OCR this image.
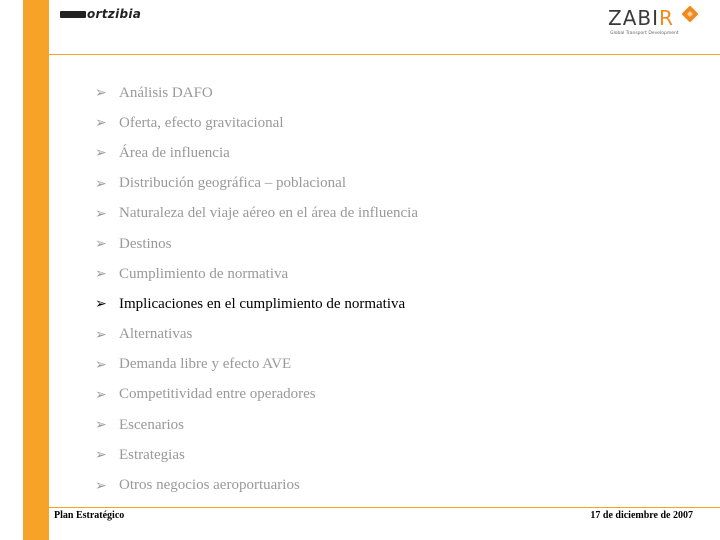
ortzibia	ZABIR
Global Transport Development
➢ Análisis DAFO
➢ Oferta, efecto gravitacional
➢ Área de influencia
➢ Distribución geográfica – poblacional
➢ Naturaleza del viaje aéreo en el área de influencia
➢ Destinos
➢ Cumplimiento de normativa
➢ Implicaciones en el cumplimiento de normativa
➢ Alternativas
➢ Demanda libre y efecto AVE
➢ Competitividad entre operadores
➢ Escenarios
➢ Estrategias
➢ Otros negocios aeroportuarios
Plan Estratégico	17 de diciembre de 2007
